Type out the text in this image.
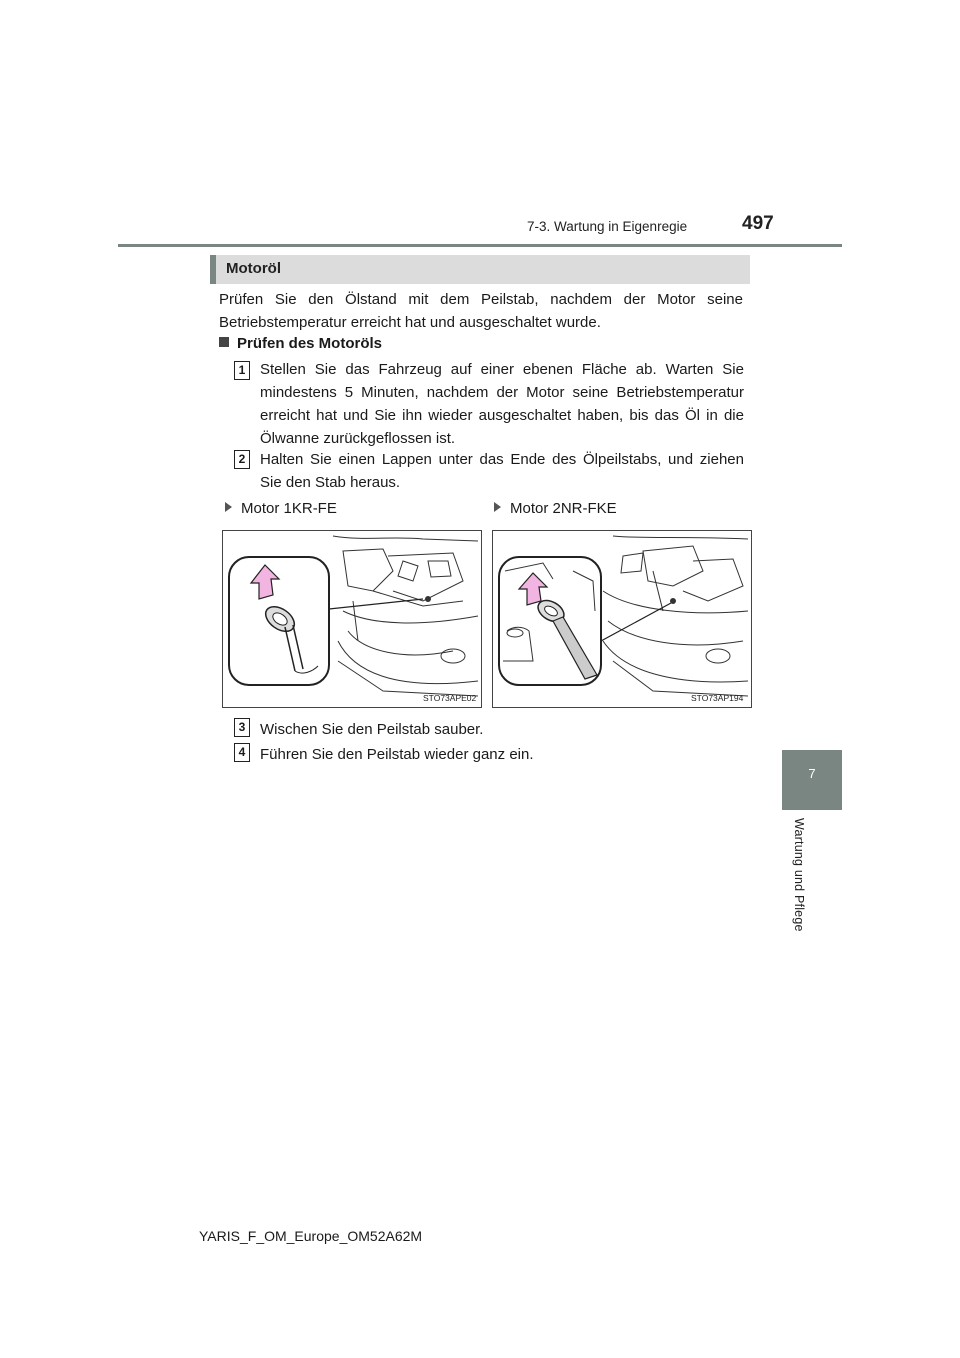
7-3. Wartung in Eigenregie	497
7
Wartung und Pflege
Motoröl
Prüfen Sie den Ölstand mit dem Peilstab, nachdem der Motor seine Betriebstemperatur erreicht hat und ausgeschaltet wurde.
Prüfen des Motoröls
1 Stellen Sie das Fahrzeug auf einer ebenen Fläche ab. Warten Sie mindestens 5 Minuten, nachdem der Motor seine Betriebstemperatur erreicht hat und Sie ihn wieder ausgeschaltet haben, bis das Öl in die Ölwanne zurückgeflossen ist.
2 Halten Sie einen Lappen unter das Ende des Ölpeilstabs, und ziehen Sie den Stab heraus.
Motor 1KR-FE	Motor 2NR-FKE
STO73APE02	STO73AP194
3 Wischen Sie den Peilstab sauber.
4 Führen Sie den Peilstab wieder ganz ein.
YARIS_F_OM_Europe_OM52A62M
